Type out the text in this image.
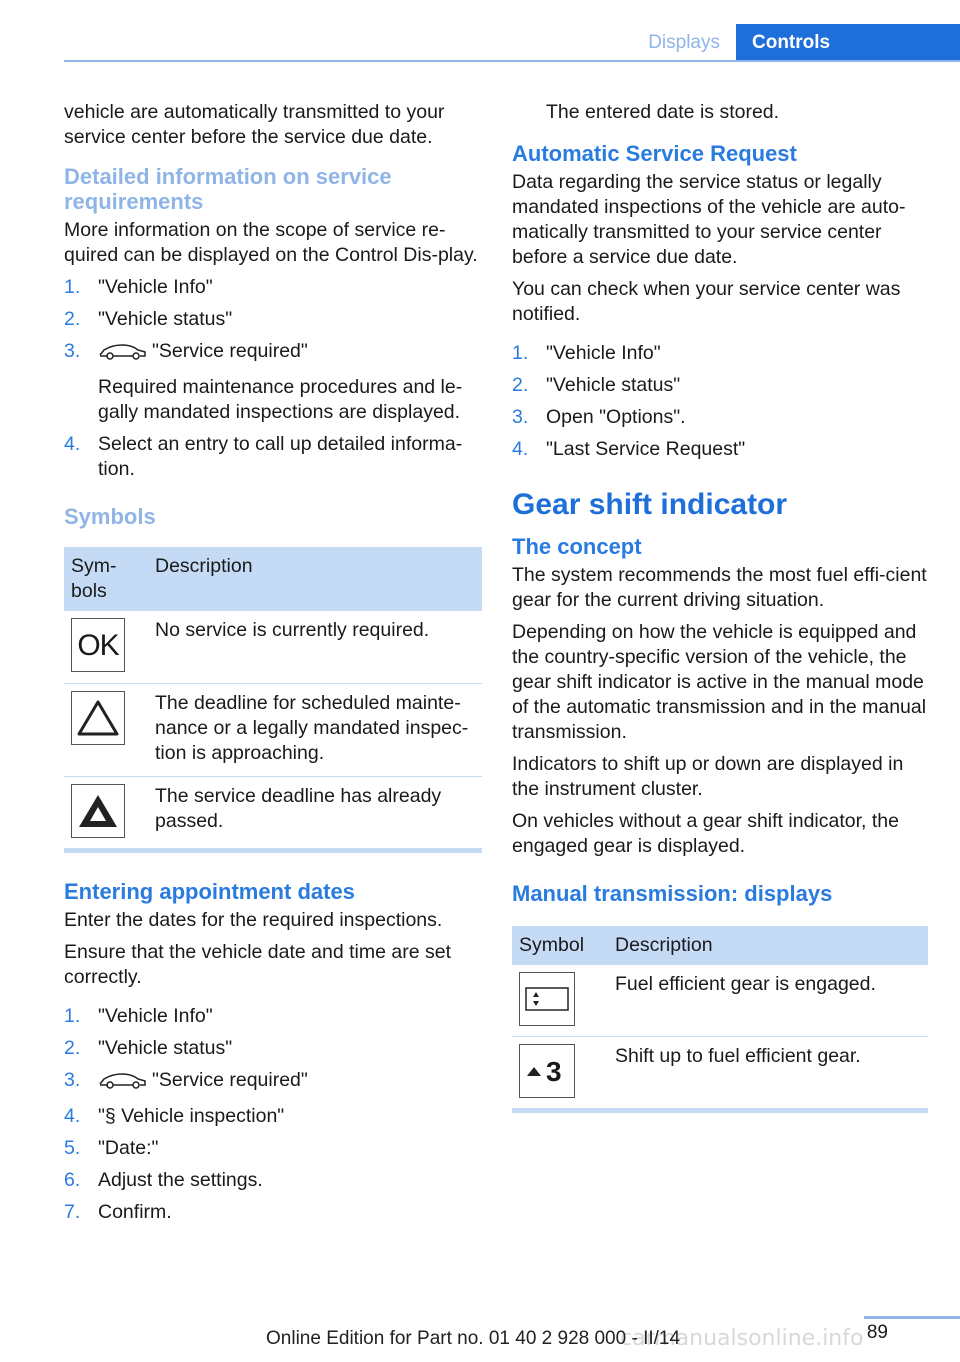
Displays	Controls

vehicle are automatically transmitted to your service center before the service due date.

Detailed information on service requirements

More information on the scope of service re-quired can be displayed on the Control Dis-play.

1. "Vehicle Info"
2. "Vehicle status"
3.	"Service required"
Required maintenance procedures and le-gally mandated inspections are displayed.
4. Select an entry to call up detailed informa-tion.
Symbols
Sym-bols	Description

OK	No service is currently required.

	The deadline for scheduled mainte-nance or a legally mandated inspec-tion is approaching.

	The service deadline has already passed.
Entering appointment dates

Enter the dates for the required inspections.

Ensure that the vehicle date and time are set correctly.

1. "Vehicle Info"
2. "Vehicle status"
3.	"Service required"
4. "§ Vehicle inspection"
5. "Date:"
6. Adjust the settings.
7. Confirm.

The entered date is stored.

Automatic Service Request

Data regarding the service status or legally mandated inspections of the vehicle are auto-matically transmitted to your service center before a service due date.

You can check when your service center was notified.

1. "Vehicle Info"
2. "Vehicle status"
3. Open "Options".
4. "Last Service Request"
Gear shift indicator
The concept

The system recommends the most fuel effi-cient gear for the current driving situation.

Depending on how the vehicle is equipped and the country-specific version of the vehicle, the gear shift indicator is active in the manual mode of the automatic transmission and in the manual transmission.

Indicators to shift up or down are displayed in the instrument cluster.

On vehicles without a gear shift indicator, the engaged gear is displayed.

Manual transmission: displays
Symbol	Description

	Fuel efficient gear is engaged.

3	Shift up to fuel efficient gear.
89
carmanualsonline.info
Online Edition for Part no. 01 40 2 928 000 - II/14
